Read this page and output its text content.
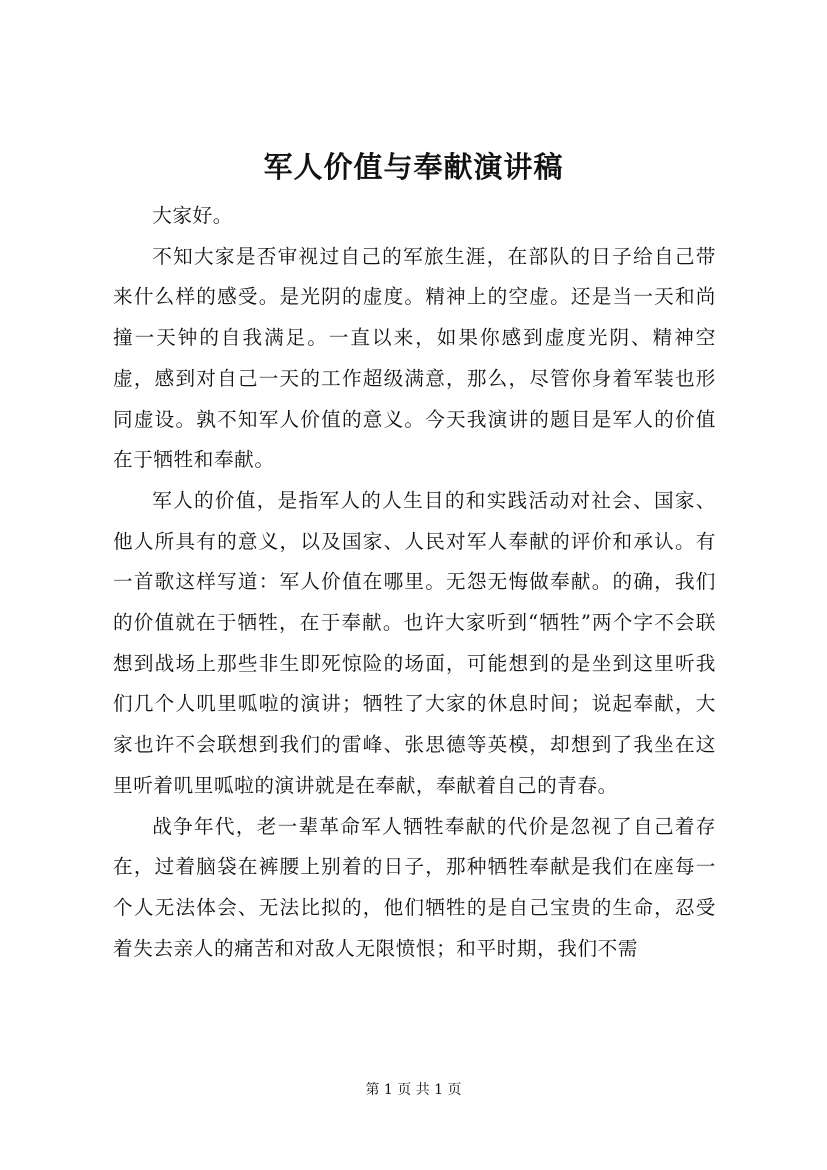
军人价值与奉献演讲稿

大家好。

不知大家是否审视过自己的军旅生涯，在部队的日子给自己带来什么样的感受。是光阴的虚度。精神上的空虚。还是当一天和尚撞一天钟的自我满足。一直以来，如果你感到虚度光阴、精神空虚，感到对自己一天的工作超级满意，那么，尽管你身着军装也形同虚设。孰不知军人价值的意义。今天我演讲的题目是军人的价值在于牺牲和奉献。

军人的价值，是指军人的人生目的和实践活动对社会、国家、他人所具有的意义，以及国家、人民对军人奉献的评价和承认。有一首歌这样写道：军人价值在哪里。无怨无悔做奉献。的确，我们的价值就在于牺牲，在于奉献。也许大家听到“牺牲”两个字不会联想到战场上那些非生即死惊险的场面，可能想到的是坐到这里听我们几个人叽里呱啦的演讲；牺牲了大家的休息时间；说起奉献，大家也许不会联想到我们的雷峰、张思德等英模，却想到了我坐在这里听着叽里呱啦的演讲就是在奉献，奉献着自己的青春。

战争年代，老一辈革命军人牺牲奉献的代价是忽视了自己着存在，过着脑袋在裤腰上别着的日子，那种牺牲奉献是我们在座每一个人无法体会、无法比拟的，他们牺牲的是自己宝贵的生命，忍受着失去亲人的痛苦和对敌人无限愤恨；和平时期，我们不需

第 1 页 共 1 页
